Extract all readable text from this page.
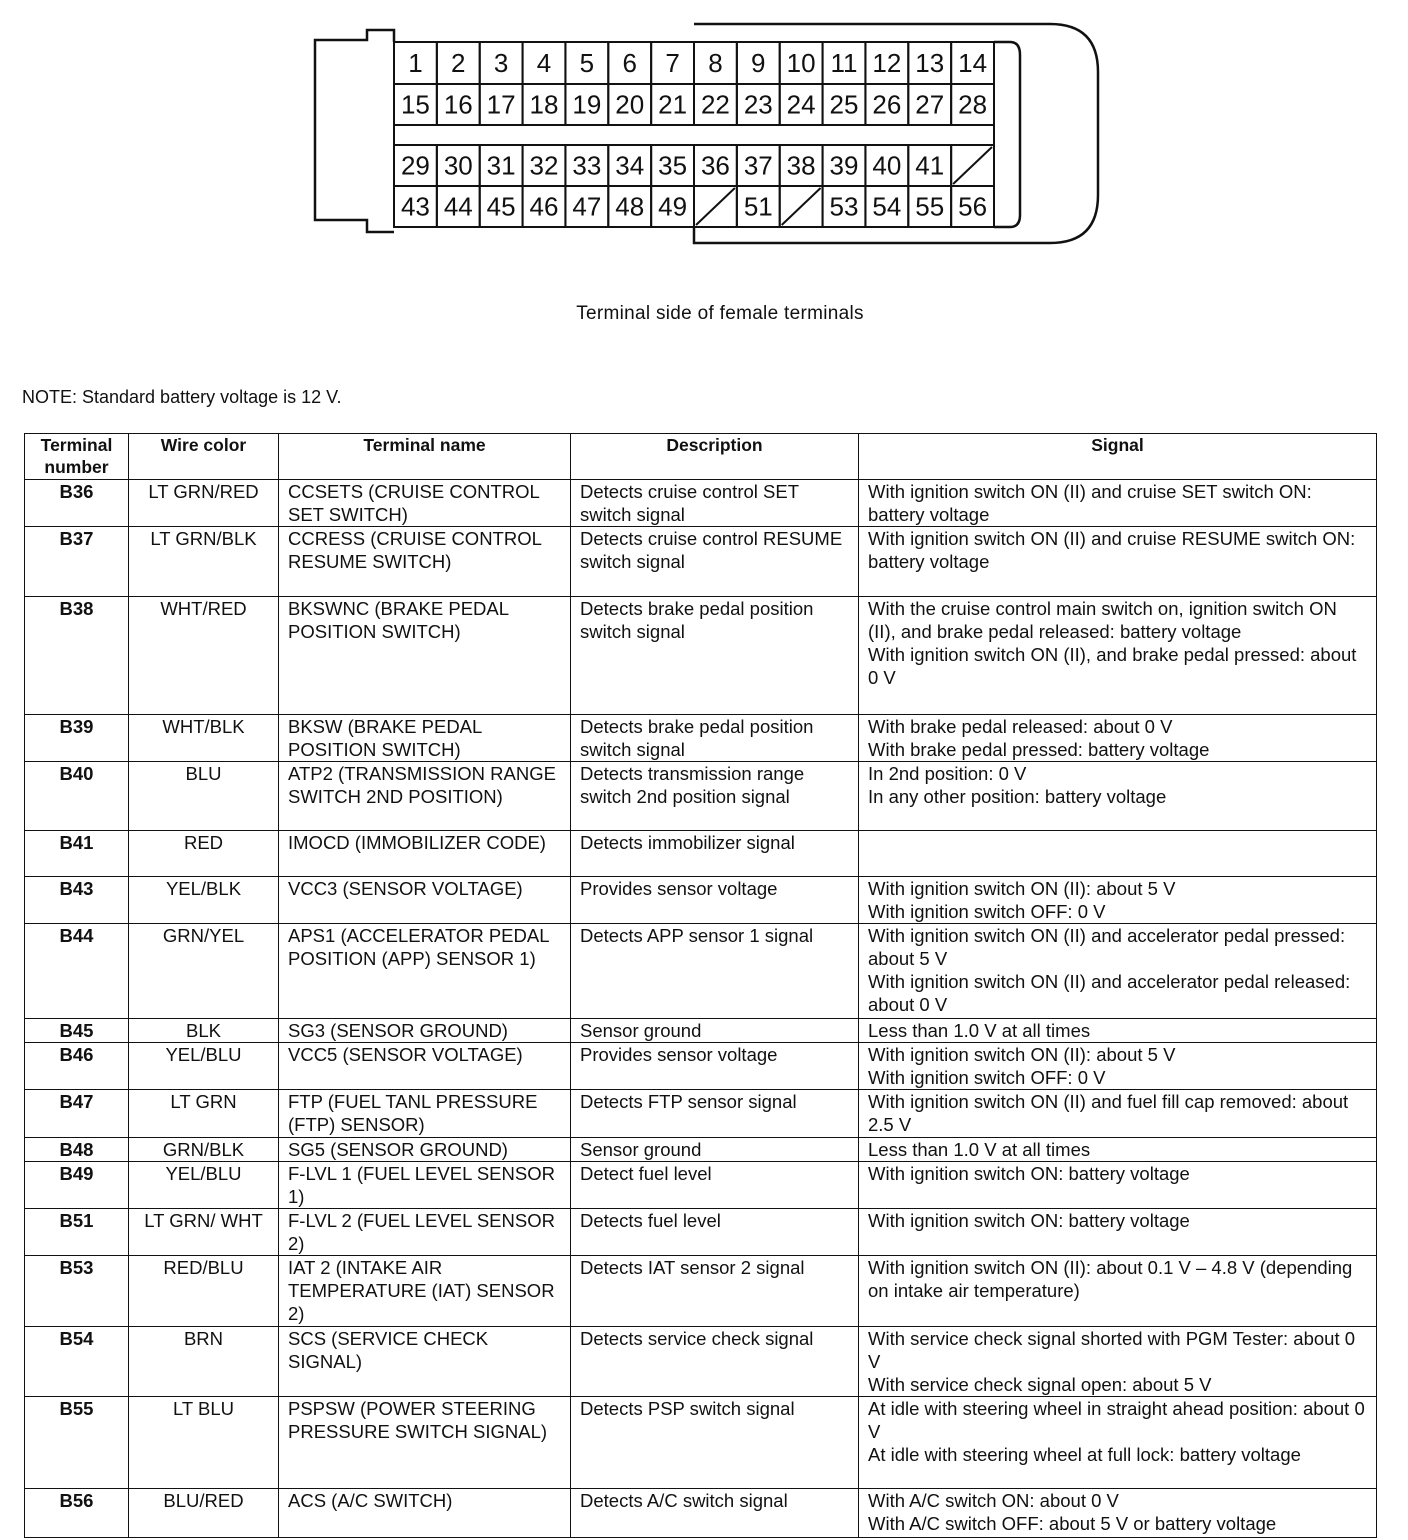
1 2 3 4 5 6 7 8 9 10 11 12 13 14
15 16 17 18 19 20 21 22 23 24 25 26 27 28
29 30 31 32 33 34 35 36 37 38 39 40 41
43 44 45 46 47 48 49 51 53 54 55 56
Terminal side of female terminals
NOTE: Standard battery voltage is 12 V.
Terminal number	Wire color	Terminal name	Description	Signal
B36	LT GRN/RED	CCSETS (CRUISE CONTROL SET SWITCH)	Detects cruise control SET switch signal	With ignition switch ON (II) and cruise SET switch ON: battery voltage

B37	LT GRN/BLK	CCRESS (CRUISE CONTROL RESUME SWITCH)	Detects cruise control RESUME switch signal	With ignition switch ON (II) and cruise RESUME switch ON: battery voltage

B38	WHT/RED	BKSWNC (BRAKE PEDAL POSITION SWITCH)	Detects brake pedal position switch signal	With the cruise control main switch on, ignition switch ON (II), and brake pedal released: battery voltage
With ignition switch ON (II), and brake pedal pressed: about 0 V

B39	WHT/BLK	BKSW (BRAKE PEDAL POSITION SWITCH)	Detects brake pedal position switch signal	With brake pedal released: about 0 V
With brake pedal pressed: battery voltage

B40	BLU	ATP2 (TRANSMISSION RANGE SWITCH 2ND POSITION)	Detects transmission range switch 2nd position signal	In 2nd position: 0 V
In any other position: battery voltage

B41	RED	IMOCD (IMMOBILIZER CODE)	Detects immobilizer signal	
B43	YEL/BLK	VCC3 (SENSOR VOLTAGE)	Provides sensor voltage	With ignition switch ON (II): about 5 V
With ignition switch OFF: 0 V

B44	GRN/YEL	APS1 (ACCELERATOR PEDAL POSITION (APP) SENSOR 1)	Detects APP sensor 1 signal	With ignition switch ON (II) and accelerator pedal pressed: about 5 V
With ignition switch ON (II) and accelerator pedal released: about 0 V

B45	BLK	SG3 (SENSOR GROUND)	Sensor ground	Less than 1.0 V at all times

B46	YEL/BLU	VCC5 (SENSOR VOLTAGE)	Provides sensor voltage	With ignition switch ON (II): about 5 V
With ignition switch OFF: 0 V

B47	LT GRN	FTP (FUEL TANL PRESSURE (FTP) SENSOR)	Detects FTP sensor signal	With ignition switch ON (II) and fuel fill cap removed: about 2.5 V

B48	GRN/BLK	SG5 (SENSOR GROUND)	Sensor ground	Less than 1.0 V at all times

B49	YEL/BLU	F-LVL 1 (FUEL LEVEL SENSOR 1)	Detect fuel level	With ignition switch ON: battery voltage

B51	LT GRN/ WHT	F-LVL 2 (FUEL LEVEL SENSOR 2)	Detects fuel level	With ignition switch ON: battery voltage

B53	RED/BLU	IAT 2 (INTAKE AIR TEMPERATURE (IAT) SENSOR 2)	Detects IAT sensor 2 signal	With ignition switch ON (II): about 0.1 V – 4.8 V (depending on intake air temperature)

B54	BRN	SCS (SERVICE CHECK SIGNAL)	Detects service check signal	With service check signal shorted with PGM Tester: about 0 V
With service check signal open: about 5 V

B55	LT BLU	PSPSW (POWER STEERING PRESSURE SWITCH SIGNAL)	Detects PSP switch signal	At idle with steering wheel in straight ahead position: about 0 V
At idle with steering wheel at full lock: battery voltage

B56	BLU/RED	ACS (A/C SWITCH)	Detects A/C switch signal	With A/C switch ON: about 0 V
With A/C switch OFF: about 5 V or battery voltage
